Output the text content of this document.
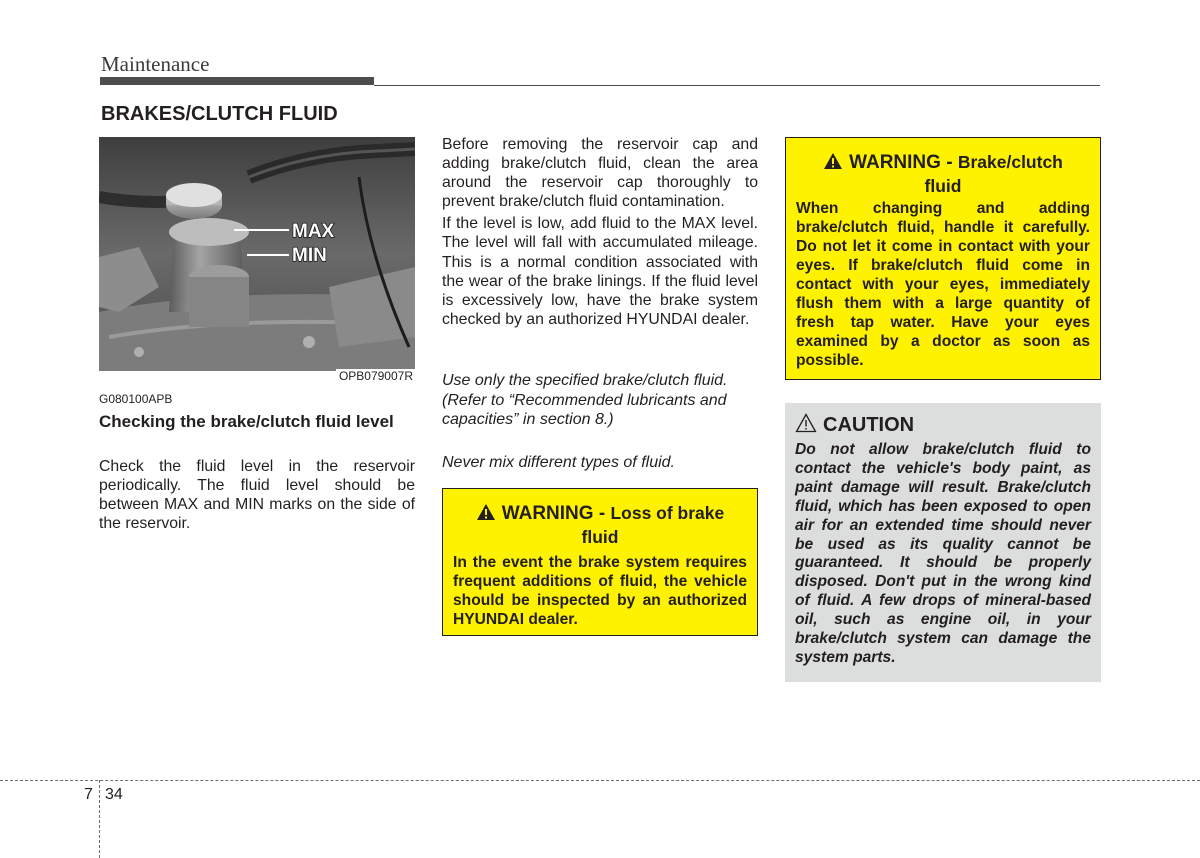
Maintenance
BRAKES/CLUTCH FLUID
MAX
MIN
OPB079007R
G080100APB
Checking the brake/clutch fluid level

Check the fluid level in the reservoir periodically. The fluid level should be between MAX and MIN marks on the side of the reservoir.

Before removing the reservoir cap and adding brake/clutch fluid, clean the area around the reservoir cap thoroughly to prevent brake/clutch fluid contamination.

If the level is low, add fluid to the MAX level. The level will fall with accumulated mileage. This is a normal condition associated with the wear of the brake linings. If the fluid level is excessively low, have the brake system checked by an authorized HYUNDAI dealer.

Use only the specified brake/clutch fluid. (Refer to “Recommended lubricants and capacities” in section 8.)
Never mix different types of fluid.
WARNING - Loss of brake
fluid

In the event the brake system requires frequent additions of fluid, the vehicle should be inspected by an authorized HYUNDAI dealer.

WARNING - Brake/clutch
fluid

When changing and adding brake/clutch fluid, handle it carefully. Do not let it come in contact with your eyes. If brake/clutch fluid come in contact with your eyes, immediately flush them with a large quantity of fresh tap water. Have your eyes examined by a doctor as soon as possible.

CAUTION

Do not allow brake/clutch fluid to contact the vehicle's body paint, as paint damage will result. Brake/clutch fluid, which has been exposed to open air for an extended time should never be used as its quality cannot be guaranteed. It should be properly disposed. Don't put in the wrong kind of fluid. A few drops of mineral-based oil, such as engine oil, in your brake/clutch system can damage the system parts.

7 34
